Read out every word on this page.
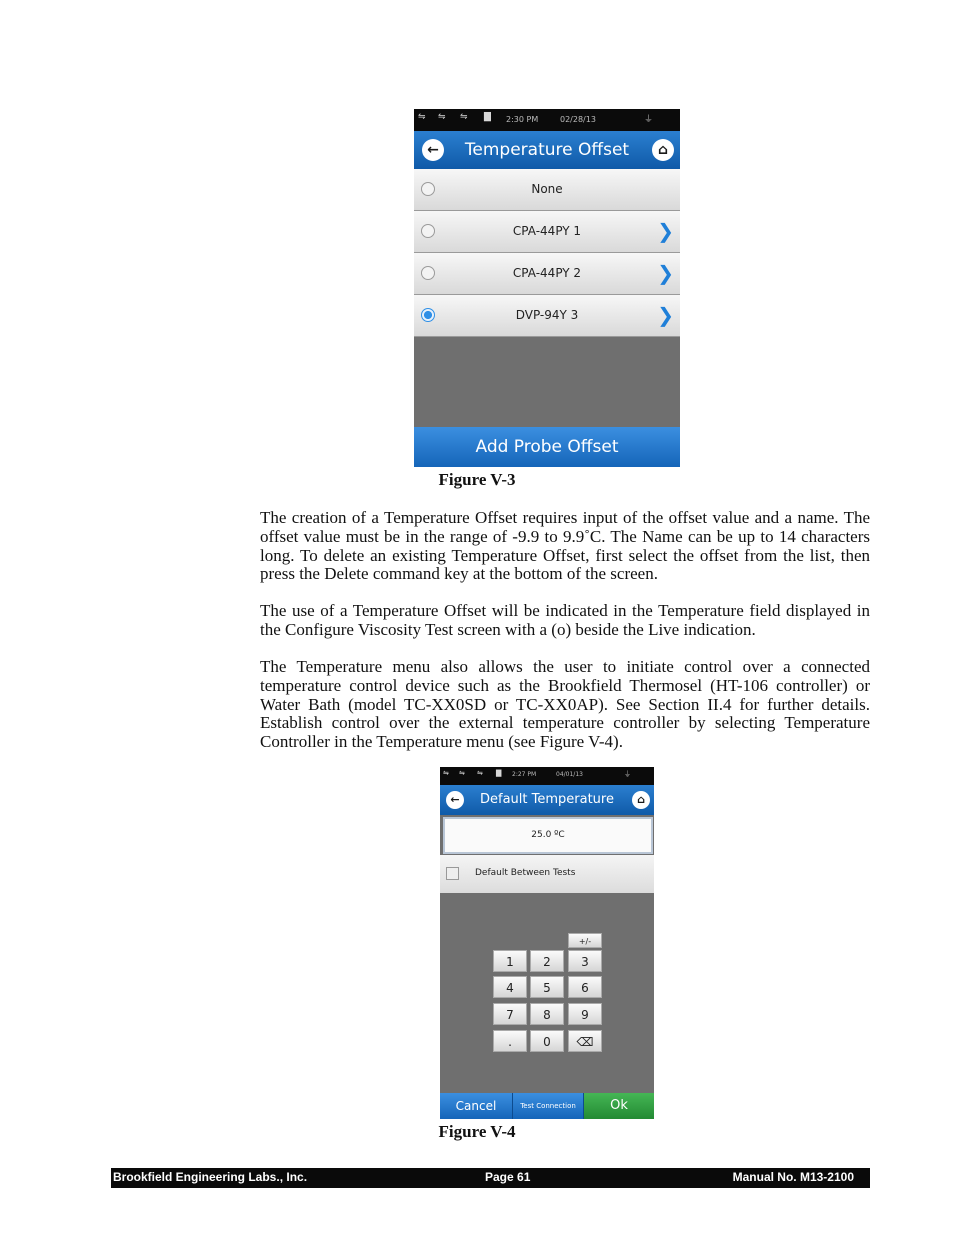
⇋ ⇋ ⇋ ▇ 2:30 PM	02/28/13	⏚
←	Temperature Offset	⌂
None
CPA-44PY 1	❯
CPA-44PY 2	❯
DVP-94Y 3	❯
Add Probe Offset
Figure V-3

The creation of a Temperature Offset requires input of the offset value and a name. The offset value must be in the range of -9.9 to 9.9˚C. The Name can be up to 14 characters long. To delete an existing Temperature Offset, first select the offset from the list, then press the Delete command key at the bottom of the screen.

The use of a Temperature Offset will be indicated in the Temperature field displayed in the Configure Viscosity Test screen with a (o) beside the Live indication.

The Temperature menu also allows the user to initiate control over a connected temperature control device such as the Brookfield Thermosel (HT-106 controller) or Water Bath (model TC-XX0SD or TC-XX0AP). See Section II.4 for further details. Establish control over the external temperature controller by selecting Temperature Controller in the Temperature menu (see Figure V-4).

⇋ ⇋ ⇋ ▇ 2:27 PM	04/01/13	⏚
←	Default Temperature	⌂
25.0 ºC
Default Between Tests
+/-
1	2	3
4	5	6
7	8	9
.	0	⌫
Cancel	Test Connection	Ok
Figure V-4
Brookfield Engineering Labs., Inc.	Page 61	Manual No. M13-2100
